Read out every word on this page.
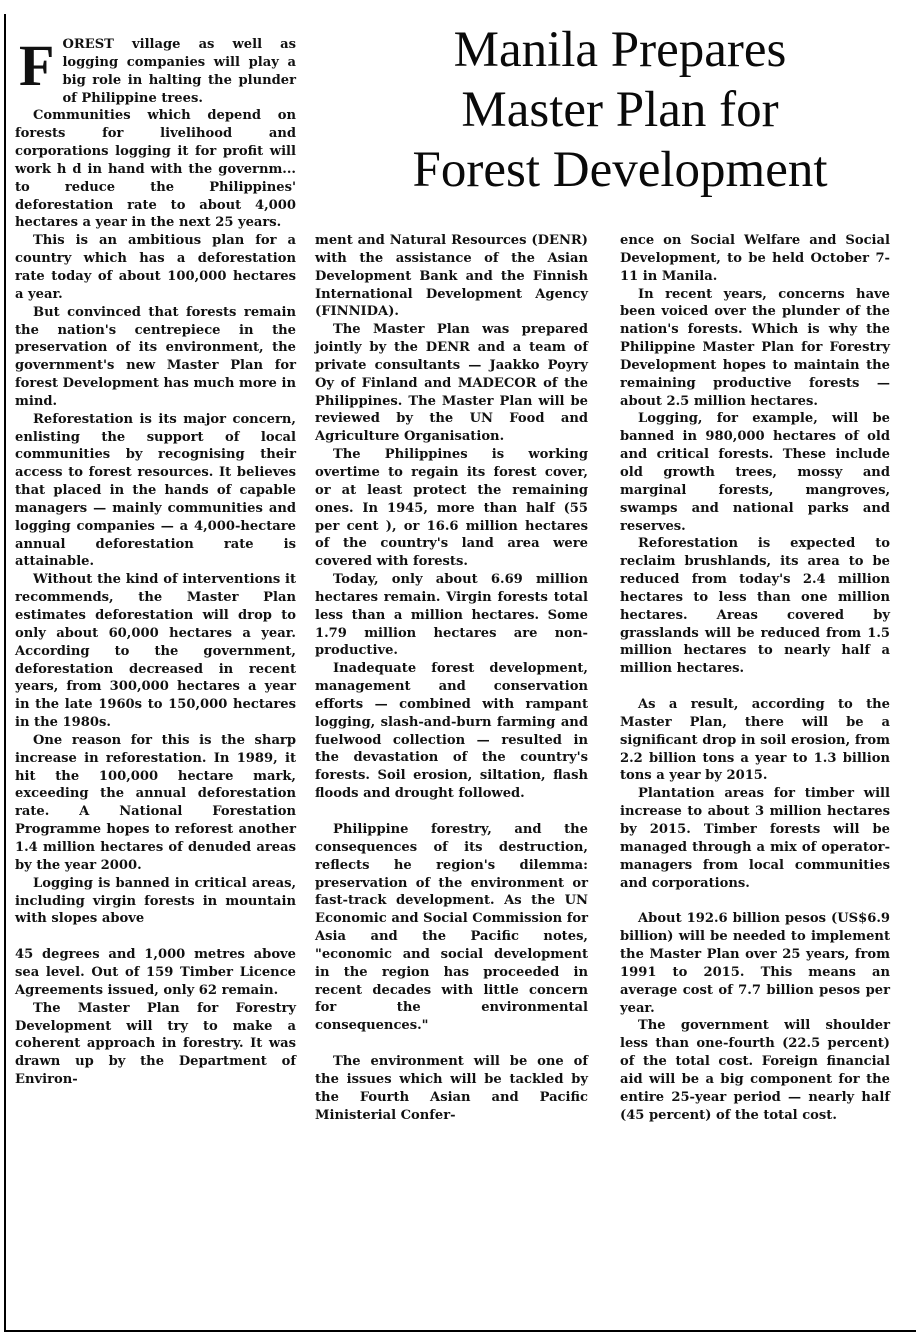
Manila Prepares
Master Plan for
Forest Development

FOREST village as well as logging companies will play a big role in halting the plunder of Philippine trees.

Communities which depend on forests for livelihood and corporations logging it for profit will work h d in hand with the governm... to reduce the Philippines' deforestation rate to about 4,000 hectares a year in the next 25 years.

This is an ambitious plan for a country which has a deforestation rate today of about 100,000 hectares a year.

But convinced that forests remain the nation's centrepiece in the preservation of its environment, the government's new Master Plan for forest Development has much more in mind.

Reforestation is its major concern, enlisting the support of local communities by recognising their access to forest resources. It believes that placed in the hands of capable managers — mainly communities and logging companies — a 4,000-hectare annual deforestation rate is attainable.

Without the kind of interventions it recommends, the Master Plan estimates deforestation will drop to only about 60,000 hectares a year. According to the government, deforestation decreased in recent years, from 300,000 hectares a year in the late 1960s to 150,000 hectares in the 1980s.

One reason for this is the sharp increase in reforestation. In 1989, it hit the 100,000 hectare mark, exceeding the annual deforestation rate. A National Forestation Programme hopes to reforest another 1.4 million hectares of denuded areas by the year 2000.

Logging is banned in critical areas, including virgin forests in mountain with slopes above

45 degrees and 1,000 metres above sea level. Out of 159 Timber Licence Agreements issued, only 62 remain.

The Master Plan for Forestry Development will try to make a coherent approach in forestry. It was drawn up by the Department of Environ-

ment and Natural Resources (DENR) with the assistance of the Asian Development Bank and the Finnish International Development Agency (FINNIDA).

The Master Plan was prepared jointly by the DENR and a team of private consultants — Jaakko Poyry Oy of Finland and MADECOR of the Philippines. The Master Plan will be reviewed by the UN Food and Agriculture Organisation.

The Philippines is working overtime to regain its forest cover, or at least protect the remaining ones. In 1945, more than half (55 per cent ), or 16.6 million hectares of the country's land area were covered with forests.

Today, only about 6.69 million hectares remain. Virgin forests total less than a million hectares. Some 1.79 million hectares are non-productive.

Inadequate forest development, management and conservation efforts — combined with rampant logging, slash-and-burn farming and fuelwood collection — resulted in the devastation of the country's forests. Soil erosion, siltation, flash floods and drought followed.

Philippine forestry, and the consequences of its destruction, reflects he region's dilemma: preservation of the environment or fast-track development. As the UN Economic and Social Commission for Asia and the Pacific notes, "economic and social development in the region has proceeded in recent decades with little concern for the environmental consequences."

The environment will be one of the issues which will be tackled by the Fourth Asian and Pacific Ministerial Confer-

ence on Social Welfare and Social Development, to be held October 7-11 in Manila.

In recent years, concerns have been voiced over the plunder of the nation's forests. Which is why the Philippine Master Plan for Forestry Development hopes to maintain the remaining productive forests — about 2.5 million hectares.

Logging, for example, will be banned in 980,000 hectares of old and critical forests. These include old growth trees, mossy and marginal forests, mangroves, swamps and national parks and reserves.

Reforestation is expected to reclaim brushlands, its area to be reduced from today's 2.4 million hectares to less than one million hectares. Areas covered by grasslands will be reduced from 1.5 million hectares to nearly half a million hectares.

As a result, according to the Master Plan, there will be a significant drop in soil erosion, from 2.2 billion tons a year to 1.3 billion tons a year by 2015.

Plantation areas for timber will increase to about 3 million hectares by 2015. Timber forests will be managed through a mix of operator-managers from local communities and corporations.

About 192.6 billion pesos (US$6.9 billion) will be needed to implement the Master Plan over 25 years, from 1991 to 2015. This means an average cost of 7.7 billion pesos per year.

The government will shoulder less than one-fourth (22.5 percent) of the total cost. Foreign financial aid will be a big component for the entire 25-year period — nearly half (45 percent) of the total cost.
